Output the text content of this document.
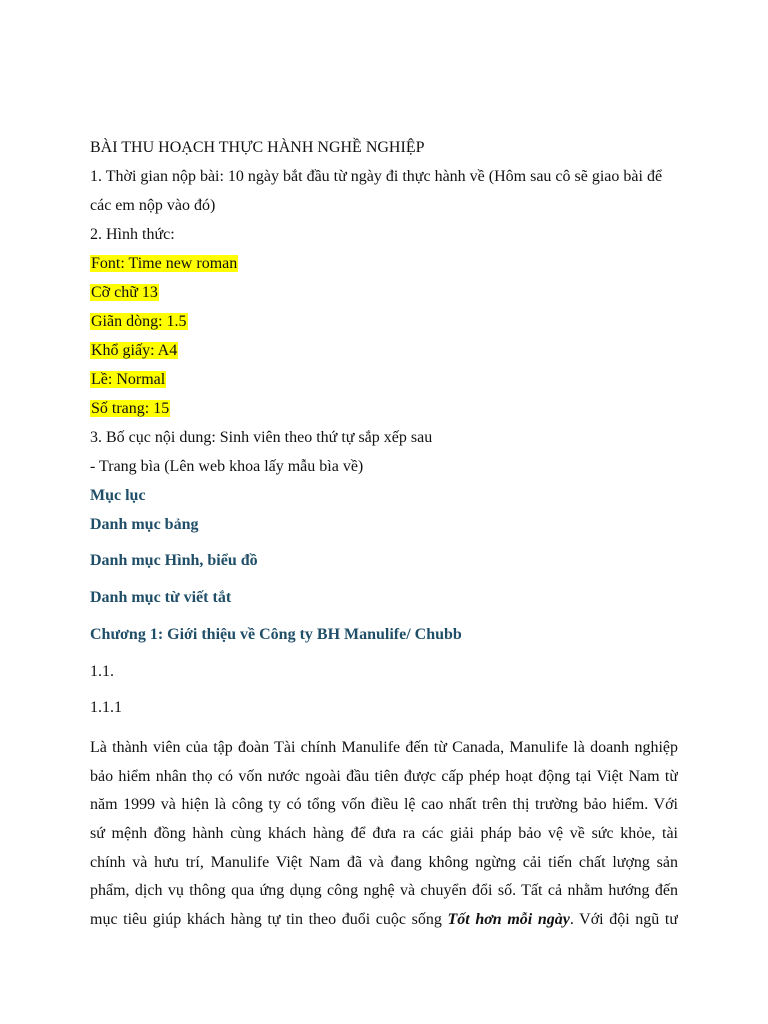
BÀI THU HOẠCH THỰC HÀNH NGHỀ NGHIỆP
1. Thời gian nộp bài: 10 ngày bắt đầu từ ngày đi thực hành về (Hôm sau cô sẽ giao bài để
các em nộp vào đó)
2. Hình thức:
Font: Time new roman
Cỡ chữ 13
Giãn dòng: 1.5
Khổ giấy: A4
Lề: Normal
Số trang: 15
3. Bố cục nội dung: Sinh viên theo thứ tự sắp xếp sau
- Trang bìa (Lên web khoa lấy mẫu bìa về)
Mục lục
Danh mục bảng
Danh mục Hình, biểu đồ
Danh mục từ viết tắt
Chương 1: Giới thiệu về Công ty BH Manulife/ Chubb
1.1.
1.1.1
Là thành viên của tập đoàn Tài chính Manulife đến từ Canada, Manulife là doanh nghiệp
bảo hiểm nhân thọ có vốn nước ngoài đầu tiên được cấp phép hoạt động tại Việt Nam từ
năm 1999 và hiện là công ty có tổng vốn điều lệ cao nhất trên thị trường bảo hiểm. Với
sứ mệnh đồng hành cùng khách hàng để đưa ra các giải pháp bảo vệ về sức khỏe, tài
chính và hưu trí, Manulife Việt Nam đã và đang không ngừng cải tiến chất lượng sản
phẩm, dịch vụ thông qua ứng dụng công nghệ và chuyển đổi số. Tất cả nhằm hướng đến
mục tiêu giúp khách hàng tự tin theo đuổi cuộc sống Tốt hơn mỗi ngày. Với đội ngũ tư
